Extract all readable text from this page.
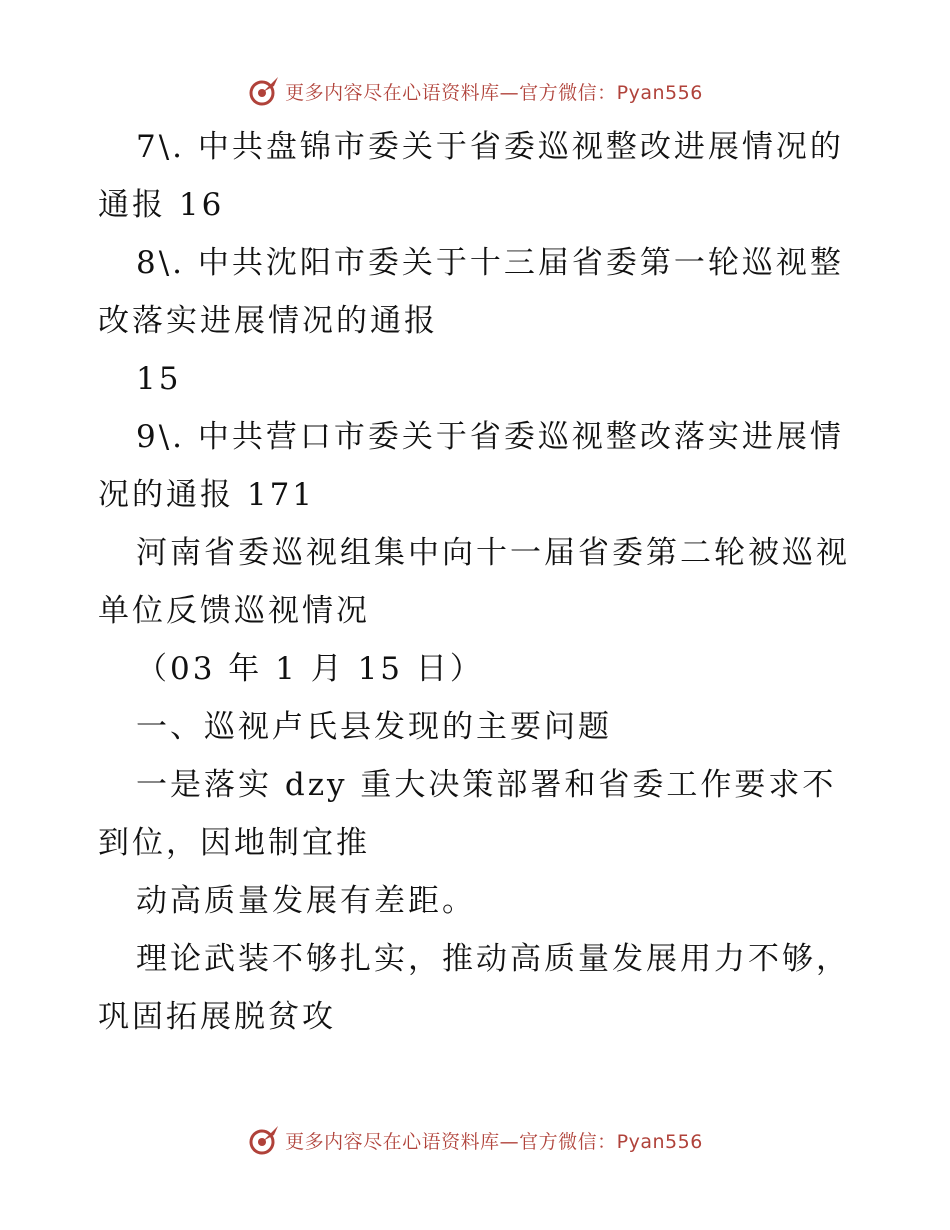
更多内容尽在心语资料库—官方微信：Pyan556

7\. 中共盘锦市委关于省委巡视整改进展情况的

通报 16

8\. 中共沈阳市委关于十三届省委第一轮巡视整

改落实进展情况的通报

15

9\. 中共营口市委关于省委巡视整改落实进展情

况的通报 171

河南省委巡视组集中向十一届省委第二轮被巡视

单位反馈巡视情况

（03 年 1 月 15 日）

一、巡视卢氏县发现的主要问题

一是落实 dzy 重大决策部署和省委工作要求不

到位，因地制宜推

动高质量发展有差距。

理论武装不够扎实，推动高质量发展用力不够，

巩固拓展脱贫攻

更多内容尽在心语资料库—官方微信：Pyan556
